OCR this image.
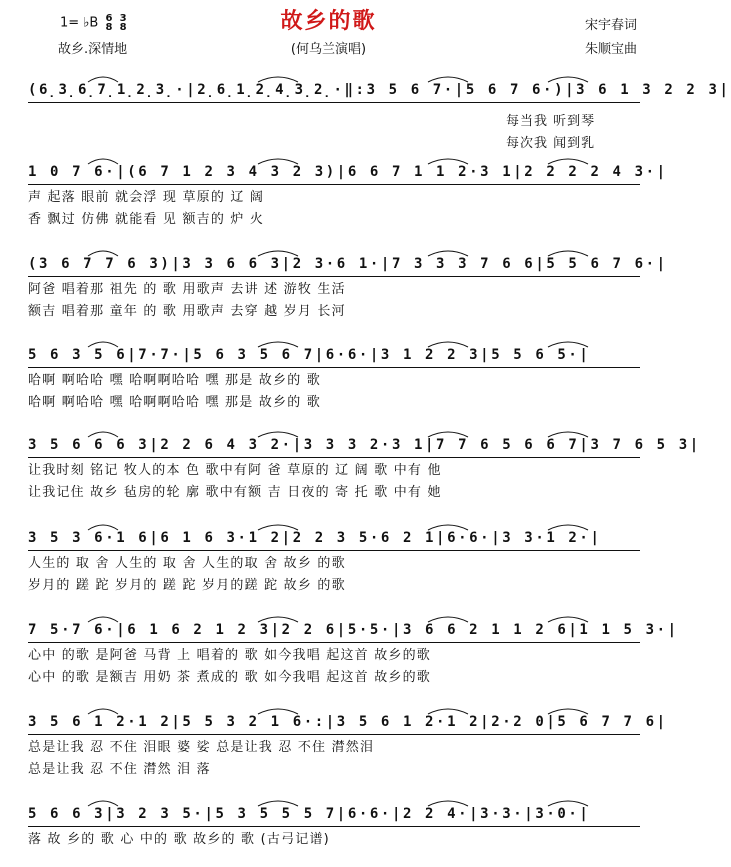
故乡的歌
1= ♭B 6
8

3
8
故乡.深情地	(何乌兰演唱)
宋宇春词
朱顺宝曲
(6̣3̣6̣7̣1̣2̣3̣·|2̣6̣1̣2̣4̣3̣2̣·‖:3 5 6 7·|5 6 7 6·)|3 6 1 3 2 2 3|
每当我 听到琴
每次我 闻到乳
1 0 7 6·|(6 7 1 2 3 4 3 2 3)|6 6 7 1 1 2·3 1|2 2 2 2 4 3·|
声 起落 眼前 就会浮 现 草原的 辽 阔
香 飘过 仿佛 就能看 见 额吉的 炉 火
(3 6 7 7 6 3)|3 3 6 6 3|2 3·6 1·|7 3 3 3 7 6 6|5 5 6 7 6·|
阿爸 唱着那 祖先 的 歌 用歌声 去讲 述 游牧 生活
额吉 唱着那 童年 的 歌 用歌声 去穿 越 岁月 长河
5 6 3 5 6|7·7·|5 6 3 5 6 7|6·6·|3 1 2 2 3|5 5 6 5·|
哈啊 啊哈哈 嘿 哈啊啊哈哈 嘿 那是 故乡的 歌
哈啊 啊哈哈 嘿 哈啊啊哈哈 嘿 那是 故乡的 歌
3 5 6 6 6 3|2 2 6 4 3 2·|3 3 3 2·3 1|7 7 6 5 6 6 7|3 7 6 5 3|
让我时刻 铭记 牧人的本 色 歌中有阿 爸 草原的 辽 阔 歌 中有 他
让我记住 故乡 毡房的轮 廓 歌中有额 吉 日夜的 寄 托 歌 中有 她
3 5 3 6·1 6|6 1 6 3·1 2|2 2 3 5·6 2 1|6·6·|3 3·1 2·|
人生的 取 舍 人生的 取 舍 人生的取 舍 故乡 的歌
岁月的 蹉 跎 岁月的 蹉 跎 岁月的蹉 跎 故乡 的歌
7 5·7 6·|6 1 6 2 1 2 3|2 2 6|5·5·|3 6 6 2 1 1 2 6|1 1 5 3·|
心中 的歌 是阿爸 马背 上 唱着的 歌 如今我唱 起这首 故乡的歌
心中 的歌 是额吉 用奶 茶 煮成的 歌 如今我唱 起这首 故乡的歌
3 5 6 1 2·1 2|5 5 3 2 1 6·:|3 5 6 1 2·1 2|2·2 0|5 6 7 7 6|
总是让我 忍 不住 泪眼 婆 娑 总是让我 忍 不住 潸然泪
总是让我 忍 不住 潸然 泪 落
5 6 6 3|3 2 3 5·|5 3 5 5 5 7|6·6·|2 2 4·|3·3·|3·0·|
落 故 乡的 歌 心 中的 歌 故乡的 歌 (古弓记谱)
